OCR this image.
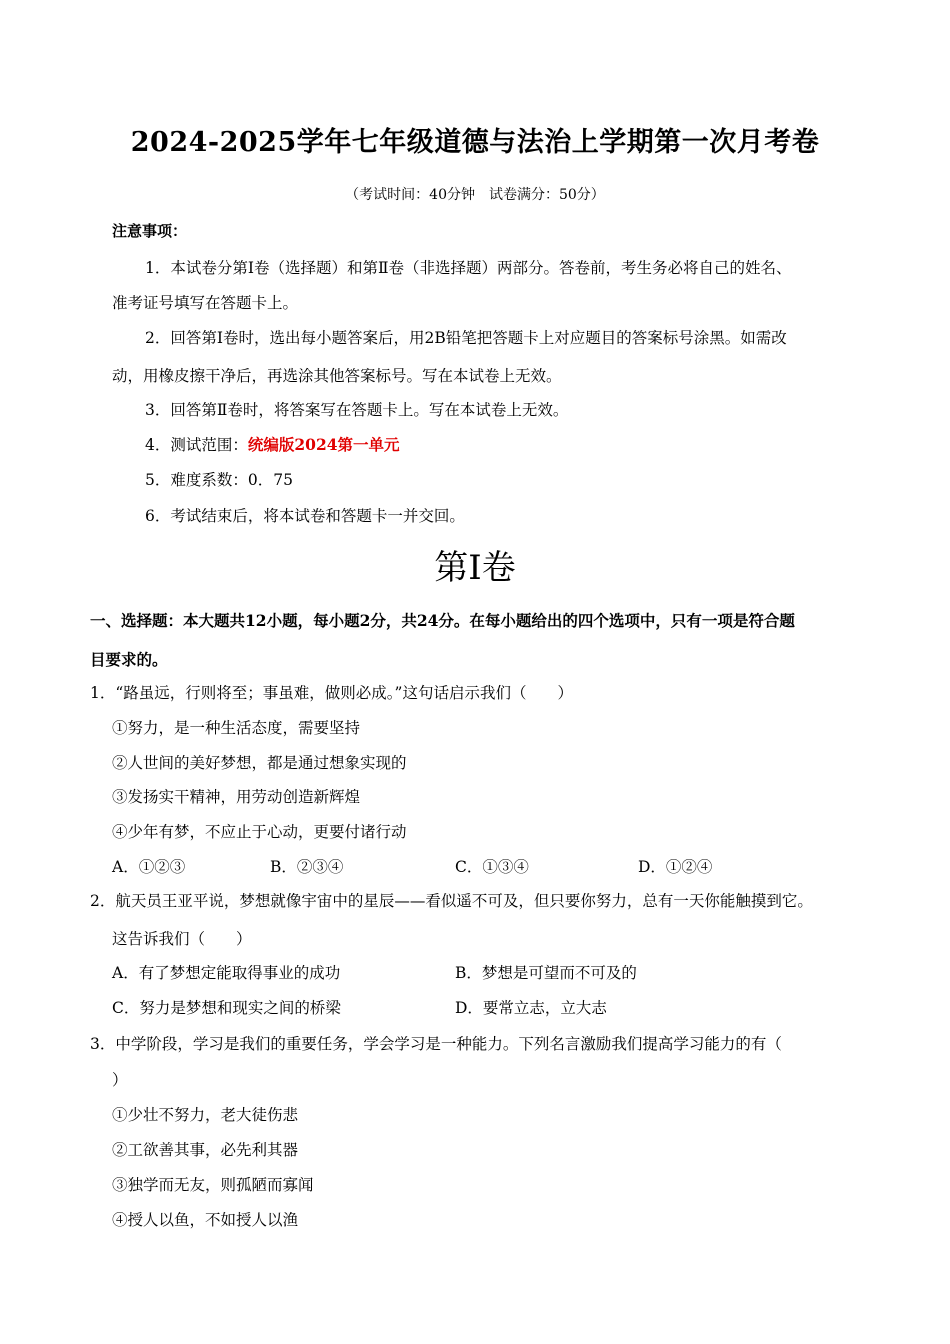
2024-2025学年七年级道德与法治上学期第一次月考卷
（考试时间：40分钟　试卷满分：50分）
注意事项：
1．本试卷分第Ⅰ卷（选择题）和第Ⅱ卷（非选择题）两部分。答卷前，考生务必将自己的姓名、
准考证号填写在答题卡上。
2．回答第Ⅰ卷时，选出每小题答案后，用2B铅笔把答题卡上对应题目的答案标号涂黑。如需改
动，用橡皮擦干净后，再选涂其他答案标号。写在本试卷上无效。
3．回答第Ⅱ卷时，将答案写在答题卡上。写在本试卷上无效。
4．测试范围：统编版2024第一单元
5．难度系数：0．75
6．考试结束后，将本试卷和答题卡一并交回。
第Ⅰ卷
一、选择题：本大题共12小题，每小题2分，共24分。在每小题给出的四个选项中，只有一项是符合题
目要求的。
1．“路虽远，行则将至；事虽难，做则必成。”这句话启示我们（　　）
①努力，是一种生活态度，需要坚持
②人世间的美好梦想，都是通过想象实现的
③发扬实干精神，用劳动创造新辉煌
④少年有梦，不应止于心动，更要付诸行动
A．①②③	B．②③④	C．①③④	D．①②④
2．航天员王亚平说，梦想就像宇宙中的星辰——看似遥不可及，但只要你努力，总有一天你能触摸到它。
这告诉我们（　　）
A．有了梦想定能取得事业的成功	B．梦想是可望而不可及的
C．努力是梦想和现实之间的桥梁	D．要常立志，立大志
3．中学阶段，学习是我们的重要任务，学会学习是一种能力。下列名言激励我们提高学习能力的有（
）
①少壮不努力，老大徒伤悲
②工欲善其事，必先利其器
③独学而无友，则孤陋而寡闻
④授人以鱼，不如授人以渔
